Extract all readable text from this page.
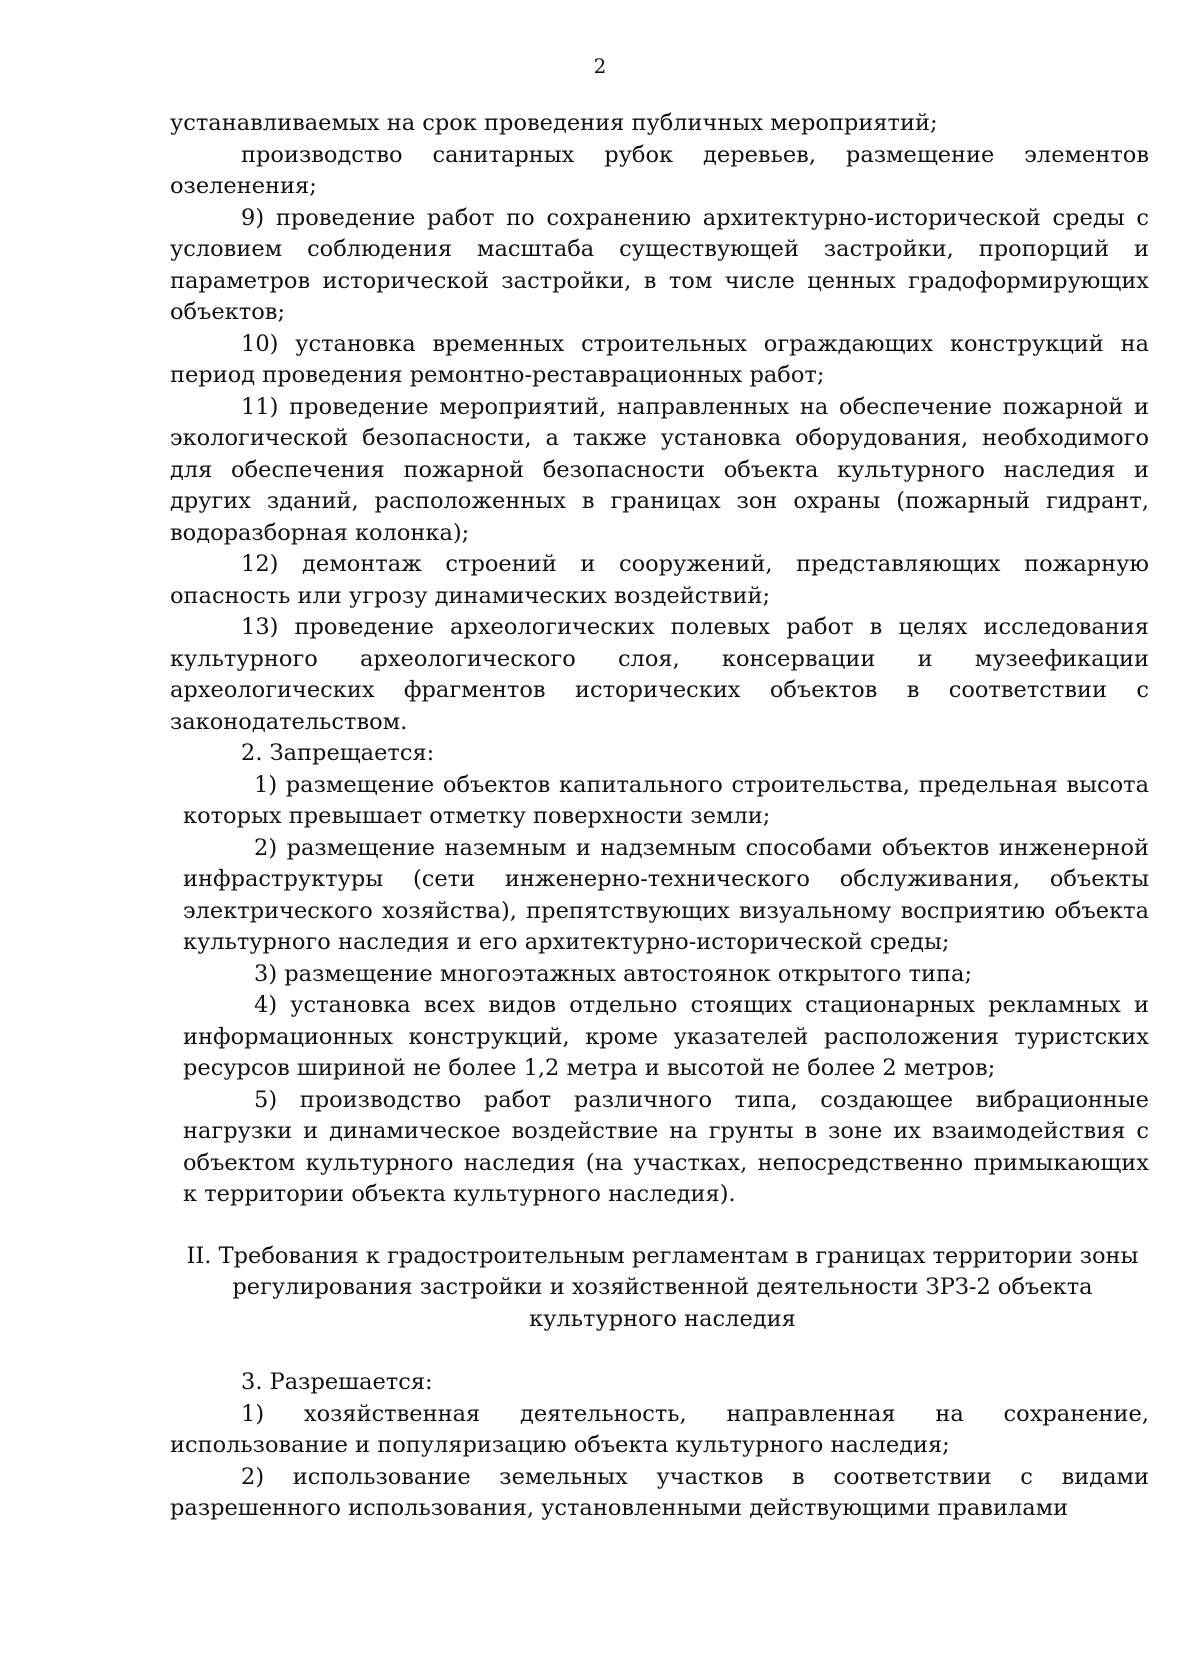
2

устанавливаемых на срок проведения публичных мероприятий;

производство санитарных рубок деревьев, размещение элементов озеленения;

9) проведение работ по сохранению архитектурно-исторической среды с условием соблюдения масштаба существующей застройки, пропорций и параметров исторической застройки, в том числе ценных градоформирующих объектов;

10) установка временных строительных ограждающих конструкций на период проведения ремонтно-реставрационных работ;

11) проведение мероприятий, направленных на обеспечение пожарной и экологической безопасности, а также установка оборудования, необходимого для обеспечения пожарной безопасности объекта культурного наследия и других зданий, расположенных в границах зон охраны (пожарный гидрант, водоразборная колонка);

12) демонтаж строений и сооружений, представляющих пожарную опасность или угрозу динамических воздействий;

13) проведение археологических полевых работ в целях исследования культурного археологического слоя, консервации и музеефикации археологических фрагментов исторических объектов в соответствии с законодательством.

2. Запрещается:

1) размещение объектов капитального строительства, предельная высота которых превышает отметку поверхности земли;

2) размещение наземным и надземным способами объектов инженерной инфраструктуры (сети инженерно-технического обслуживания, объекты электрического хозяйства), препятствующих визуальному восприятию объекта культурного наследия и его архитектурно-исторической среды;

3) размещение многоэтажных автостоянок открытого типа;

4) установка всех видов отдельно стоящих стационарных рекламных и информационных конструкций, кроме указателей расположения туристских ресурсов шириной не более 1,2 метра и высотой не более 2 метров;

5) производство работ различного типа, создающее вибрационные нагрузки и динамическое воздействие на грунты в зоне их взаимодействия с объектом культурного наследия (на участках, непосредственно примыкающих к территории объекта культурного наследия).

II. Требования к градостроительным регламентам в границах территории зоны регулирования застройки и хозяйственной деятельности ЗРЗ-2 объекта культурного наследия

3. Разрешается:

1) хозяйственная деятельность, направленная на сохранение, использование и популяризацию объекта культурного наследия;

2) использование земельных участков в соответствии с видами разрешенного использования, установленными действующими правилами
